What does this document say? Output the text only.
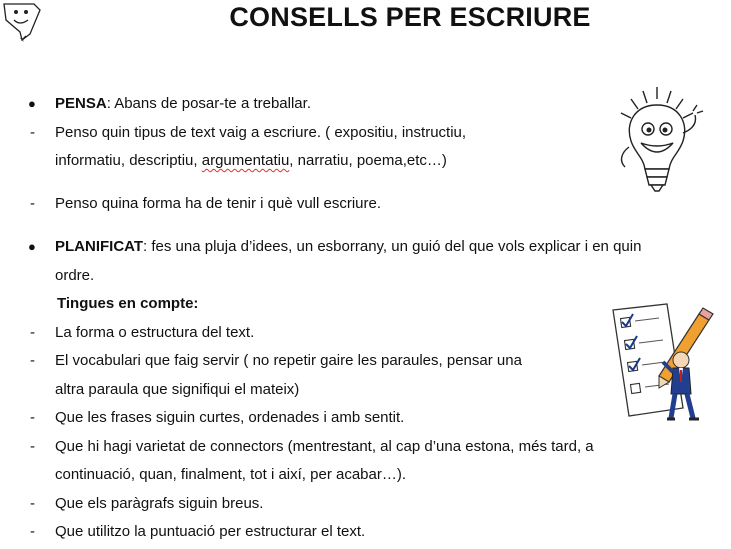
CONSELLS PER ESCRIURE
● PENSA: Abans de posar-te a treballar.
- Penso quin tipus de text vaig a escriure. ( expositiu, instructiu,
informatiu, descriptiu, argumentatiu, narratiu, poema,etc…)
- Penso quina forma ha de tenir i què vull escriure.
● PLANIFICAT: fes una pluja d’idees, un esborrany, un guió del que vols explicar i en quin
ordre.
Tingues en compte:
- La forma o estructura del text.
- El vocabulari que faig servir ( no repetir gaire les paraules, pensar una
altra paraula que signifiqui el mateix)
- Que les frases siguin curtes, ordenades i amb sentit.
- Que hi hagi varietat de connectors (mentrestant, al cap d’una estona, més tard, a
continuació, quan, finalment, tot i així, per acabar…).
- Que els paràgrafs siguin breus.
- Que utilitzo la puntuació per estructurar el text.
